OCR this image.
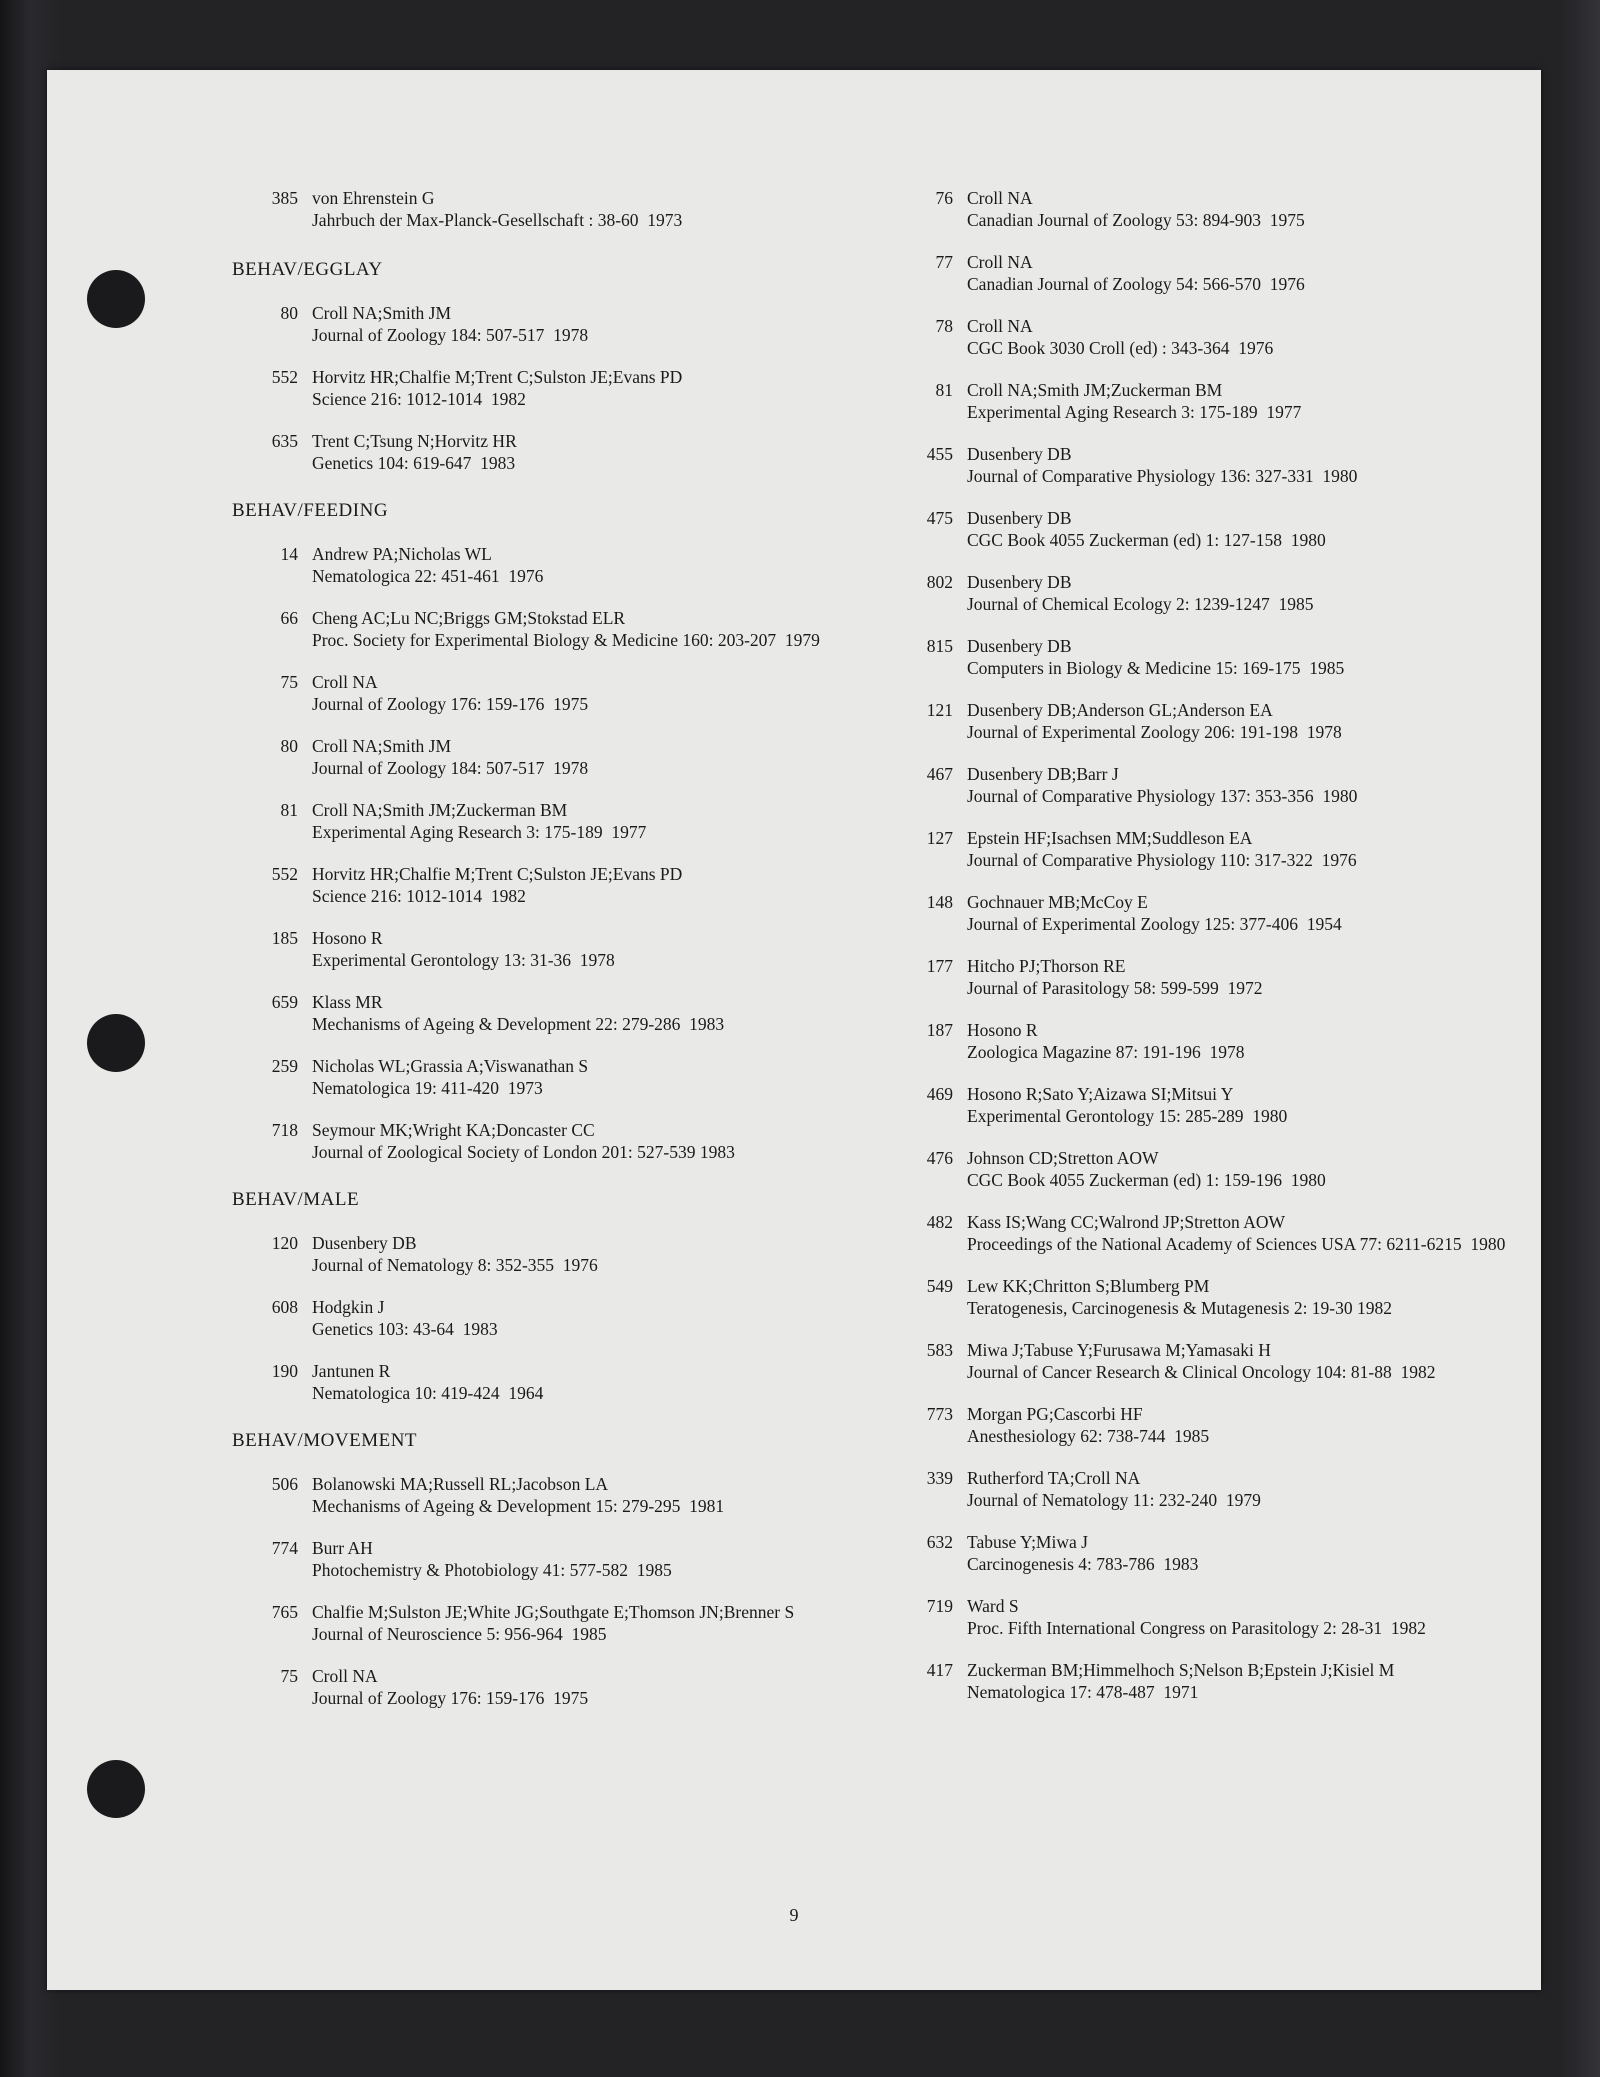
385 von Ehrenstein G
Jahrbuch der Max-Planck-Gesellschaft : 38-60  1973
BEHAV/EGGLAY
80 Croll NA;Smith JM
Journal of Zoology 184: 507-517  1978
552 Horvitz HR;Chalfie M;Trent C;Sulston JE;Evans PD
Science 216: 1012-1014  1982
635 Trent C;Tsung N;Horvitz HR
Genetics 104: 619-647  1983
BEHAV/FEEDING
14 Andrew PA;Nicholas WL
Nematologica 22: 451-461  1976
66 Cheng AC;Lu NC;Briggs GM;Stokstad ELR
Proc. Society for Experimental Biology & Medicine 160: 203-207  1979
75 Croll NA
Journal of Zoology 176: 159-176  1975
80 Croll NA;Smith JM
Journal of Zoology 184: 507-517  1978
81 Croll NA;Smith JM;Zuckerman BM
Experimental Aging Research 3: 175-189  1977
552 Horvitz HR;Chalfie M;Trent C;Sulston JE;Evans PD
Science 216: 1012-1014  1982
185 Hosono R
Experimental Gerontology 13: 31-36  1978
659 Klass MR
Mechanisms of Ageing & Development 22: 279-286  1983
259 Nicholas WL;Grassia A;Viswanathan S
Nematologica 19: 411-420  1973
718 Seymour MK;Wright KA;Doncaster CC
Journal of Zoological Society of London 201: 527-539 1983
BEHAV/MALE
120 Dusenbery DB
Journal of Nematology 8: 352-355  1976
608 Hodgkin J
Genetics 103: 43-64  1983
190 Jantunen R
Nematologica 10: 419-424  1964
BEHAV/MOVEMENT
506 Bolanowski MA;Russell RL;Jacobson LA
Mechanisms of Ageing & Development 15: 279-295  1981
774 Burr AH
Photochemistry & Photobiology 41: 577-582  1985
765 Chalfie M;Sulston JE;White JG;Southgate E;Thomson JN;Brenner S
Journal of Neuroscience 5: 956-964  1985
75 Croll NA
Journal of Zoology 176: 159-176  1975
76 Croll NA
Canadian Journal of Zoology 53: 894-903  1975
77 Croll NA
Canadian Journal of Zoology 54: 566-570  1976
78 Croll NA
CGC Book 3030 Croll (ed) : 343-364  1976
81 Croll NA;Smith JM;Zuckerman BM
Experimental Aging Research 3: 175-189  1977
455 Dusenbery DB
Journal of Comparative Physiology 136: 327-331  1980
475 Dusenbery DB
CGC Book 4055 Zuckerman (ed) 1: 127-158  1980
802 Dusenbery DB
Journal of Chemical Ecology 2: 1239-1247  1985
815 Dusenbery DB
Computers in Biology & Medicine 15: 169-175  1985
121 Dusenbery DB;Anderson GL;Anderson EA
Journal of Experimental Zoology 206: 191-198  1978
467 Dusenbery DB;Barr J
Journal of Comparative Physiology 137: 353-356  1980
127 Epstein HF;Isachsen MM;Suddleson EA
Journal of Comparative Physiology 110: 317-322  1976
148 Gochnauer MB;McCoy E
Journal of Experimental Zoology 125: 377-406  1954
177 Hitcho PJ;Thorson RE
Journal of Parasitology 58: 599-599  1972
187 Hosono R
Zoologica Magazine 87: 191-196  1978
469 Hosono R;Sato Y;Aizawa SI;Mitsui Y
Experimental Gerontology 15: 285-289  1980
476 Johnson CD;Stretton AOW
CGC Book 4055 Zuckerman (ed) 1: 159-196  1980
482 Kass IS;Wang CC;Walrond JP;Stretton AOW
Proceedings of the National Academy of Sciences USA 77: 6211-6215  1980
549 Lew KK;Chritton S;Blumberg PM
Teratogenesis, Carcinogenesis & Mutagenesis 2: 19-30 1982
583 Miwa J;Tabuse Y;Furusawa M;Yamasaki H
Journal of Cancer Research & Clinical Oncology 104: 81-88  1982
773 Morgan PG;Cascorbi HF
Anesthesiology 62: 738-744  1985
339 Rutherford TA;Croll NA
Journal of Nematology 11: 232-240  1979
632 Tabuse Y;Miwa J
Carcinogenesis 4: 783-786  1983
719 Ward S
Proc. Fifth International Congress on Parasitology 2: 28-31  1982
417 Zuckerman BM;Himmelhoch S;Nelson B;Epstein J;Kisiel M
Nematologica 17: 478-487  1971
9
